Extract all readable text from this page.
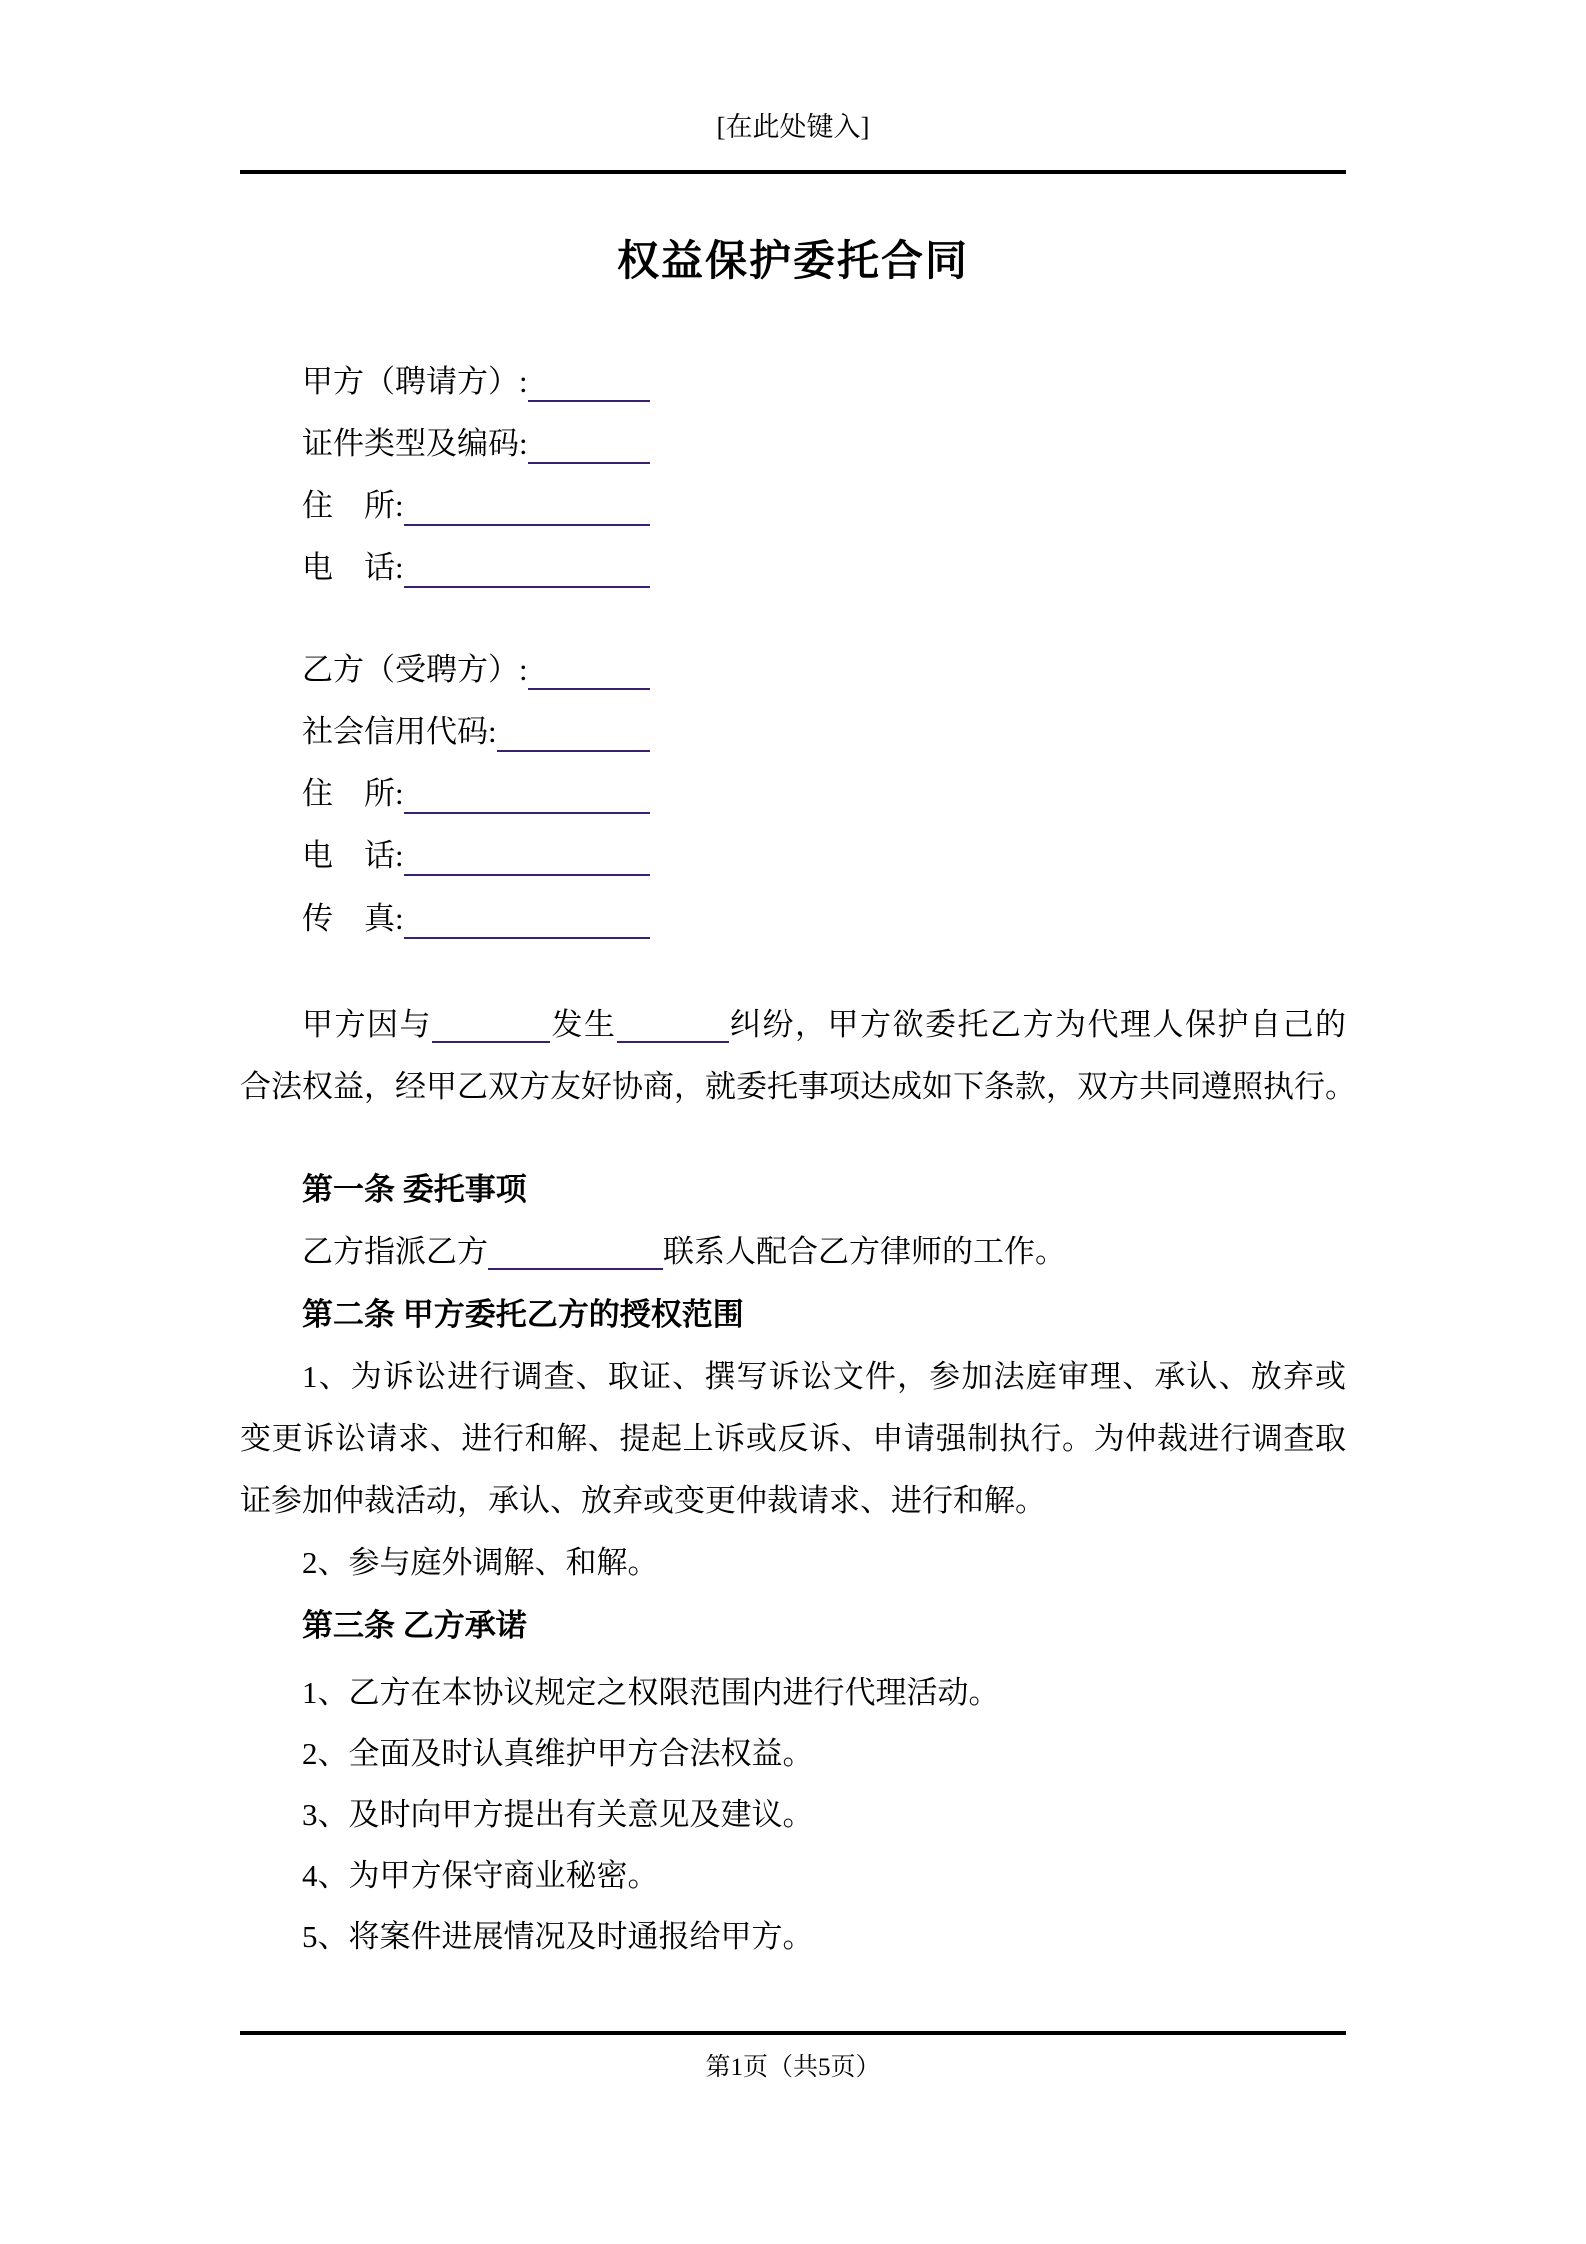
[在此处键入]
权益保护委托合同
甲方（聘请方）:
证件类型及编码:
住　所:
电　话:
乙方（受聘方）:
社会信用代码:
住　所:
电　话:
传　真:
甲方因与	发生	纠纷，甲方欲委托乙方为代理人保护自己的
合法权益，经甲乙双方友好协商，就委托事项达成如下条款，双方共同遵照执行。
第一条 委托事项
乙方指派乙方	联系人配合乙方律师的工作。
第二条 甲方委托乙方的授权范围
1、为诉讼进行调查、取证、撰写诉讼文件，参加法庭审理、承认、放弃或
变更诉讼请求、进行和解、提起上诉或反诉、申请强制执行。为仲裁进行调查取
证参加仲裁活动，承认、放弃或变更仲裁请求、进行和解。
2、参与庭外调解、和解。
第三条 乙方承诺
1、乙方在本协议规定之权限范围内进行代理活动。
2、全面及时认真维护甲方合法权益。
3、及时向甲方提出有关意见及建议。
4、为甲方保守商业秘密。
5、将案件进展情况及时通报给甲方。
第1页（共5页）
